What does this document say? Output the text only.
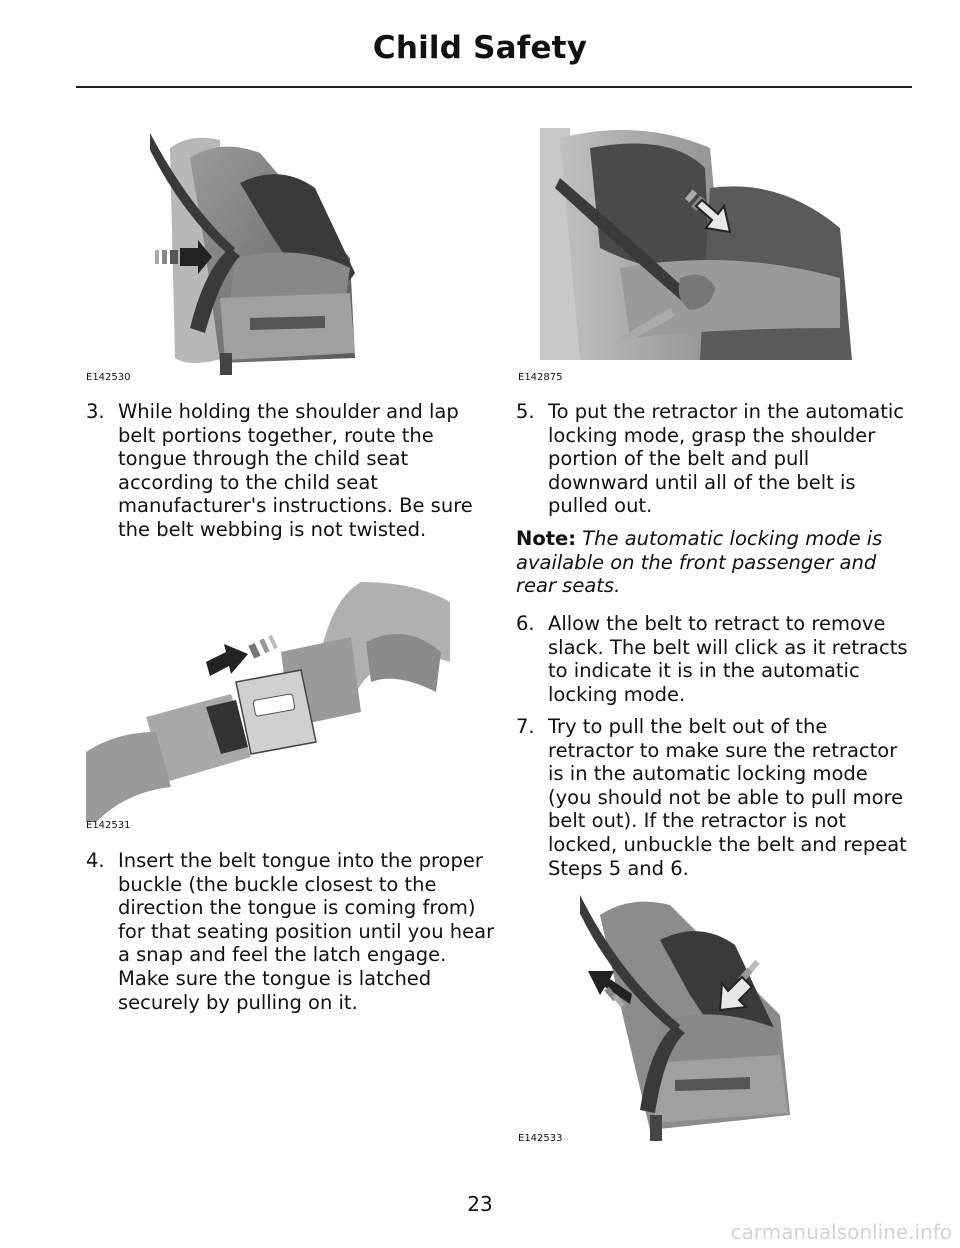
Child Safety
E142530	E142875
3. While holding the shoulder and lap belt portions together, route the tongue through the child seat according to the child seat manufacturer's instructions. Be sure the belt webbing is not twisted.
E142531
4. Insert the belt tongue into the proper buckle (the buckle closest to the direction the tongue is coming from) for that seating position until you hear a snap and feel the latch engage. Make sure the tongue is latched securely by pulling on it.
5. To put the retractor in the automatic locking mode, grasp the shoulder portion of the belt and pull downward until all of the belt is pulled out.
Note: The automatic locking mode is available on the front passenger and rear seats.
6. Allow the belt to retract to remove slack. The belt will click as it retracts to indicate it is in the automatic locking mode.
7. Try to pull the belt out of the retractor to make sure the retractor is in the automatic locking mode (you should not be able to pull more belt out). If the retractor is not locked, unbuckle the belt and repeat Steps 5 and 6.
E142533
23
carmanualsonline.info
